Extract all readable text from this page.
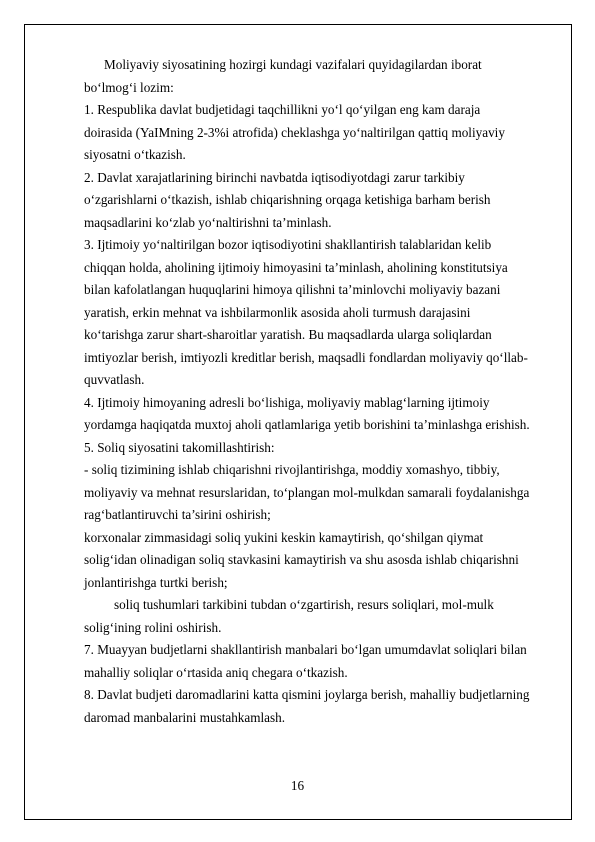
Moliyaviy siyosatining hozirgi kundagi vazifalari quyidagilardan iborat
bo‘lmog‘i lozim:
1. Respublika davlat budjetidagi taqchillikni yo‘l qo‘yilgan eng kam daraja
doirasida (YaIMning 2-3%i atrofida) cheklashga yo‘naltirilgan qattiq moliyaviy
siyosatni o‘tkazish.
2. Davlat xarajatlarining birinchi navbatda iqtisodiyotdagi zarur tarkibiy
o‘zgarishlarni o‘tkazish, ishlab chiqarishning orqaga ketishiga barham berish
maqsadlarini ko‘zlab yo‘naltirishni ta’minlash.
3. Ijtimoiy yo‘naltirilgan bozor iqtisodiyotini shakllantirish talablaridan kelib
chiqqan holda, aholining ijtimoiy himoyasini ta’minlash, aholining konstitutsiya
bilan kafolatlangan huquqlarini himoya qilishni ta’minlovchi moliyaviy bazani
yaratish, erkin mehnat va ishbilarmonlik asosida aholi turmush darajasini
ko‘tarishga zarur shart-sharoitlar yaratish. Bu maqsadlarda ularga soliqlardan
imtiyozlar berish, imtiyozli kreditlar berish, maqsadli fondlardan moliyaviy qo‘llab-
quvvatlash.
4. Ijtimoiy himoyaning adresli bo‘lishiga, moliyaviy mablag‘larning ijtimoiy
yordamga haqiqatda muxtoj aholi qatlamlariga yetib borishini ta’minlashga erishish.
5. Soliq siyosatini takomillashtirish:
- soliq tizimining ishlab chiqarishni rivojlantirishga, moddiy xomashyo, tibbiy,
moliyaviy va mehnat resurslaridan, to‘plangan mol-mulkdan samarali foydalanishga
rag‘batlantiruvchi ta’sirini oshirish;
korxonalar zimmasidagi soliq yukini keskin kamaytirish, qo‘shilgan qiymat
solig‘idan olinadigan soliq stavkasini kamaytirish va shu asosda ishlab chiqarishni
jonlantirishga turtki berish;
soliq tushumlari tarkibini tubdan o‘zgartirish, resurs soliqlari, mol-mulk
solig‘ining rolini oshirish.
7. Muayyan budjetlarni shakllantirish manbalari bo‘lgan umumdavlat soliqlari bilan
mahalliy soliqlar o‘rtasida aniq chegara o‘tkazish.
8. Davlat budjeti daromadlarini katta qismini joylarga berish, mahalliy budjetlarning
daromad manbalarini mustahkamlash.
16
